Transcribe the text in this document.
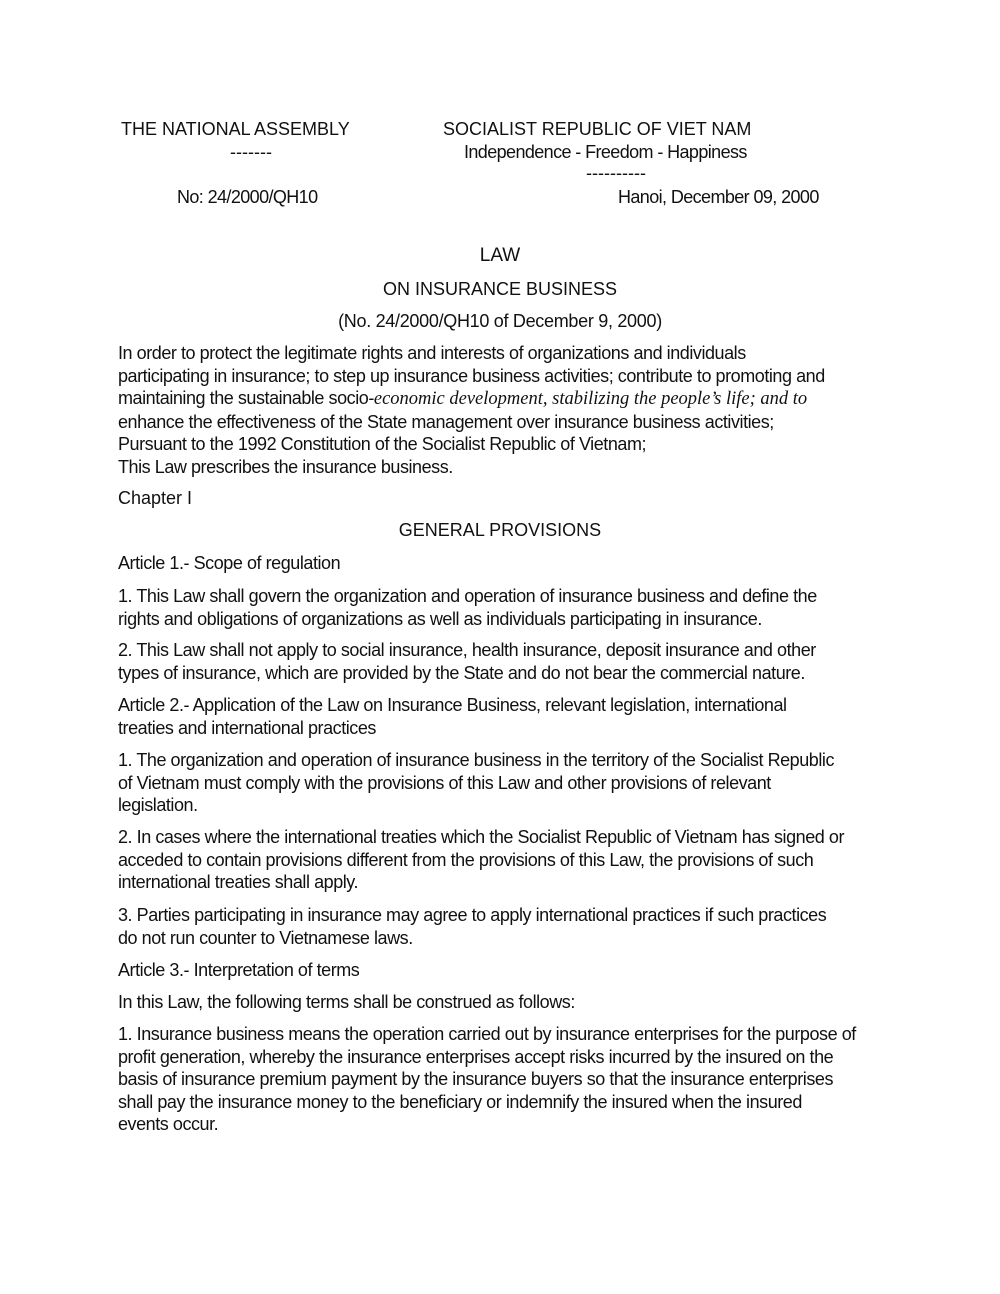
THE NATIONAL ASSEMBLY
-------
SOCIALIST REPUBLIC OF VIET NAM
Independence - Freedom - Happiness
----------
No: 24/2000/QH10	Hanoi, December 09, 2000
LAW
ON INSURANCE BUSINESS
(No. 24/2000/QH10 of December 9, 2000)
In order to protect the legitimate rights and interests of organizations and individuals
participating in insurance; to step up insurance business activities; contribute to promoting and
maintaining the sustainable socio-economic development, stabilizing the people’s life; and to
enhance the effectiveness of the State management over insurance business activities;
Pursuant to the 1992 Constitution of the Socialist Republic of Vietnam;
This Law prescribes the insurance business.
Chapter I
GENERAL PROVISIONS
Article 1.- Scope of regulation
1. This Law shall govern the organization and operation of insurance business and define the
rights and obligations of organizations as well as individuals participating in insurance.
2. This Law shall not apply to social insurance, health insurance, deposit insurance and other
types of insurance, which are provided by the State and do not bear the commercial nature.
Article 2.- Application of the Law on Insurance Business, relevant legislation, international
treaties and international practices
1. The organization and operation of insurance business in the territory of the Socialist Republic
of Vietnam must comply with the provisions of this Law and other provisions of relevant
legislation.
2. In cases where the international treaties which the Socialist Republic of Vietnam has signed or
acceded to contain provisions different from the provisions of this Law, the provisions of such
international treaties shall apply.
3. Parties participating in insurance may agree to apply international practices if such practices
do not run counter to Vietnamese laws.
Article 3.- Interpretation of terms
In this Law, the following terms shall be construed as follows:
1. Insurance business means the operation carried out by insurance enterprises for the purpose of
profit generation, whereby the insurance enterprises accept risks incurred by the insured on the
basis of insurance premium payment by the insurance buyers so that the insurance enterprises
shall pay the insurance money to the beneficiary or indemnify the insured when the insured
events occur.
